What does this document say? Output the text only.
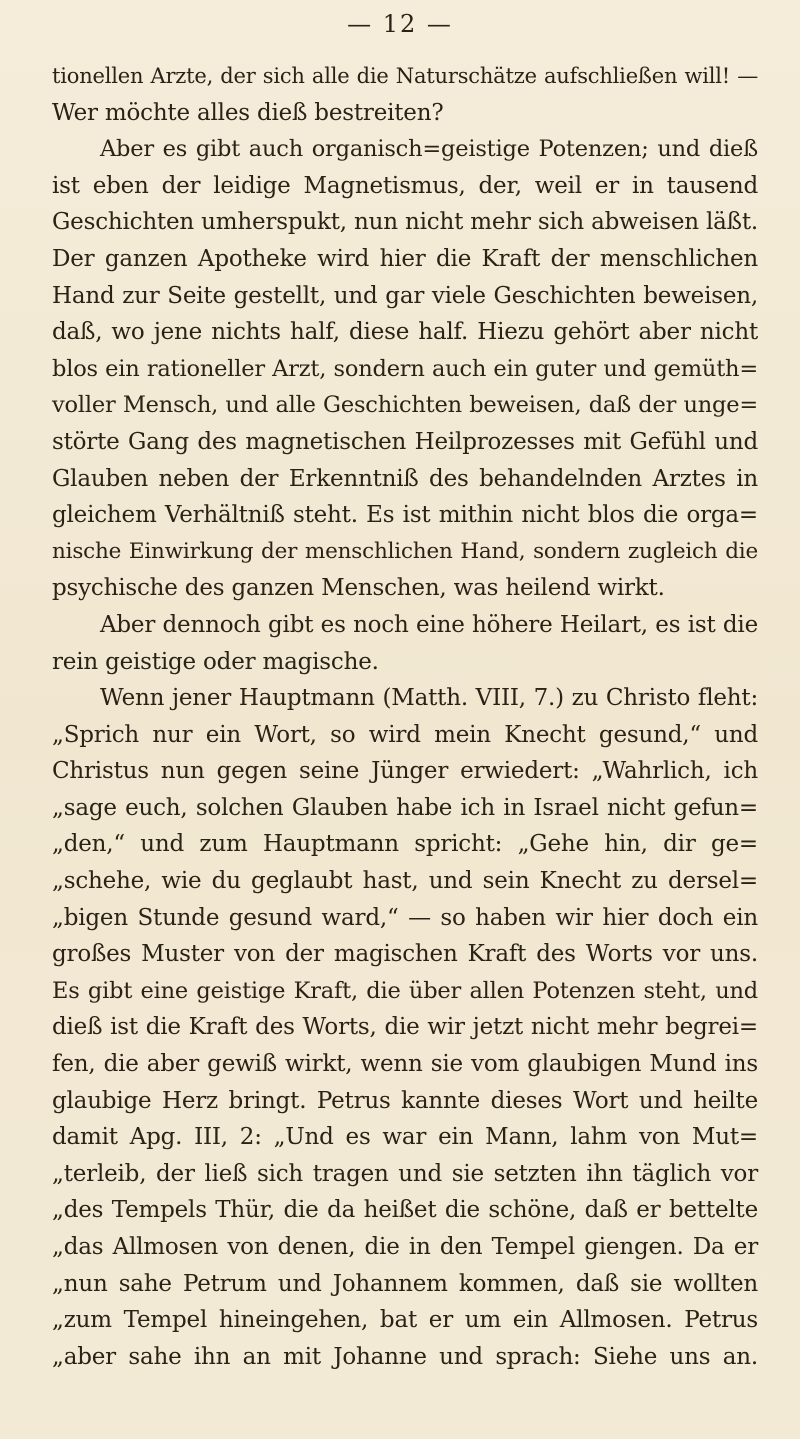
— 12 —
tionellen Arzte, der sich alle die Naturschätze aufschließen will! —
Wer möchte alles dieß bestreiten?
Aber es gibt auch organisch=geistige Potenzen; und dieß
ist eben der leidige Magnetismus, der, weil er in tausend
Geschichten umherspukt, nun nicht mehr sich abweisen läßt.
Der ganzen Apotheke wird hier die Kraft der menschlichen
Hand zur Seite gestellt, und gar viele Geschichten beweisen,
daß, wo jene nichts half, diese half. Hiezu gehört aber nicht
blos ein rationeller Arzt, sondern auch ein guter und gemüth=
voller Mensch, und alle Geschichten beweisen, daß der unge=
störte Gang des magnetischen Heilprozesses mit Gefühl und
Glauben neben der Erkenntniß des behandelnden Arztes in
gleichem Verhältniß steht. Es ist mithin nicht blos die orga=
nische Einwirkung der menschlichen Hand, sondern zugleich die
psychische des ganzen Menschen, was heilend wirkt.
Aber dennoch gibt es noch eine höhere Heilart, es ist die
rein geistige oder magische.
Wenn jener Hauptmann (Matth. VIII, 7.) zu Christo fleht:
„Sprich nur ein Wort, so wird mein Knecht gesund,“ und
Christus nun gegen seine Jünger erwiedert: „Wahrlich, ich
„sage euch, solchen Glauben habe ich in Israel nicht gefun=
„den,“ und zum Hauptmann spricht: „Gehe hin, dir ge=
„schehe, wie du geglaubt hast, und sein Knecht zu dersel=
„bigen Stunde gesund ward,“ — so haben wir hier doch ein
großes Muster von der magischen Kraft des Worts vor uns.
Es gibt eine geistige Kraft, die über allen Potenzen steht, und
dieß ist die Kraft des Worts, die wir jetzt nicht mehr begrei=
fen, die aber gewiß wirkt, wenn sie vom glaubigen Mund ins
glaubige Herz bringt. Petrus kannte dieses Wort und heilte
damit Apg. III, 2: „Und es war ein Mann, lahm von Mut=
„terleib, der ließ sich tragen und sie setzten ihn täglich vor
„des Tempels Thür, die da heißet die schöne, daß er bettelte
„das Allmosen von denen, die in den Tempel giengen. Da er
„nun sahe Petrum und Johannem kommen, daß sie wollten
„zum Tempel hineingehen, bat er um ein Allmosen. Petrus
„aber sahe ihn an mit Johanne und sprach: Siehe uns an.
